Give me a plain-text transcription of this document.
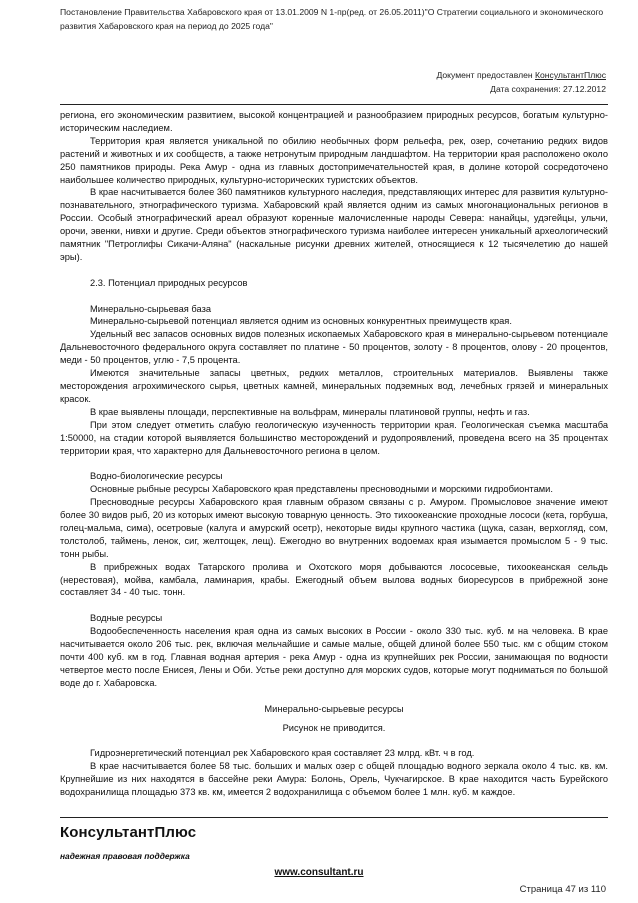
Постановление Правительства Хабаровского края от 13.01.2009 N 1-пр(ред. от 26.05.2011)"О Стратегии социального и экономического развития Хабаровского края на период до 2025 года"
Документ предоставлен КонсультантПлюс
Дата сохранения: 27.12.2012

региона, его экономическим развитием, высокой концентрацией и разнообразием природных ресурсов, богатым культурно-историческим наследием.

Территория края является уникальной по обилию необычных форм рельефа, рек, озер, сочетанию редких видов растений и животных и их сообществ, а также нетронутым природным ландшафтом. На территории края расположено около 250 памятников природы. Река Амур - одна из главных достопримечательностей края, в долине которой сосредоточено наибольшее количество природных, культурно-исторических туристских объектов.

В крае насчитывается более 360 памятников культурного наследия, представляющих интерес для развития культурно-познавательного, этнографического туризма. Хабаровский край является одним из самых многонациональных регионов в России. Особый этнографический ареал образуют коренные малочисленные народы Севера: нанайцы, удэгейцы, ульчи, орочи, эвенки, нивхи и другие. Среди объектов этнографического туризма наиболее интересен уникальный археологический памятник "Петроглифы Сикачи-Аляна" (наскальные рисунки древних жителей, относящиеся к 12 тысячелетию до нашей эры).

2.3. Потенциал природных ресурсов

Минерально-сырьевая база

Минерально-сырьевой потенциал является одним из основных конкурентных преимуществ края.

Удельный вес запасов основных видов полезных ископаемых Хабаровского края в минерально-сырьевом потенциале Дальневосточного федерального округа составляет по платине - 50 процентов, золоту - 8 процентов, олову - 20 процентов, меди - 50 процентов, углю - 7,5 процента.

Имеются значительные запасы цветных, редких металлов, строительных материалов. Выявлены также месторождения агрохимического сырья, цветных камней, минеральных подземных вод, лечебных грязей и минеральных красок.

В крае выявлены площади, перспективные на вольфрам, минералы платиновой группы, нефть и газ.

При этом следует отметить слабую геологическую изученность территории края. Геологическая съемка масштаба 1:50000, на стадии которой выявляется большинство месторождений и рудопроявлений, проведена всего на 35 процентах территории края, что характерно для Дальневосточного региона в целом.

Водно-биологические ресурсы

Основные рыбные ресурсы Хабаровского края представлены пресноводными и морскими гидробионтами.

Пресноводные ресурсы Хабаровского края главным образом связаны с р. Амуром. Промысловое значение имеют более 30 видов рыб, 20 из которых имеют высокую товарную ценность. Это тихоокеанские проходные лососи (кета, горбуша, голец-мальма, сима), осетровые (калуга и амурский осетр), некоторые виды крупного частика (щука, сазан, верхогляд, сом, толстолоб, таймень, ленок, сиг, желтощек, лещ). Ежегодно во внутренних водоемах края изымается промыслом 5 - 9 тыс. тонн рыбы.

В прибрежных водах Татарского пролива и Охотского моря добываются лососевые, тихоокеанская сельдь (нерестовая), мойва, камбала, ламинария, крабы. Ежегодный объем вылова водных биоресурсов в прибрежной зоне составляет 34 - 40 тыс. тонн.

Водные ресурсы

Водообеспеченность населения края одна из самых высоких в России - около 330 тыс. куб. м на человека. В крае насчитывается около 206 тыс. рек, включая мельчайшие и самые малые, общей длиной более 550 тыс. км с общим стоком почти 400 куб. км в год. Главная водная артерия - река Амур - одна из крупнейших рек России, занимающая по водности четвертое место после Енисея, Лены и Оби. Устье реки доступно для морских судов, которые могут подниматься по большой воде до г. Хабаровска.

Минерально-сырьевые ресурсы

Рисунок не приводится.

Гидроэнергетический потенциал рек Хабаровского края составляет 23 млрд. кВт. ч в год.

В крае насчитывается более 58 тыс. больших и малых озер с общей площадью водного зеркала около 4 тыс. кв. км. Крупнейшие из них находятся в бассейне реки Амура: Болонь, Орель, Чукчагирское. В крае находится часть Бурейского водохранилища площадью 373 кв. км, имеется 2 водохранилища с объемом более 1 млн. куб. м каждое.

КонсультантПлюс
надежная правовая поддержка
www.consultant.ru
Страница 47 из 110
